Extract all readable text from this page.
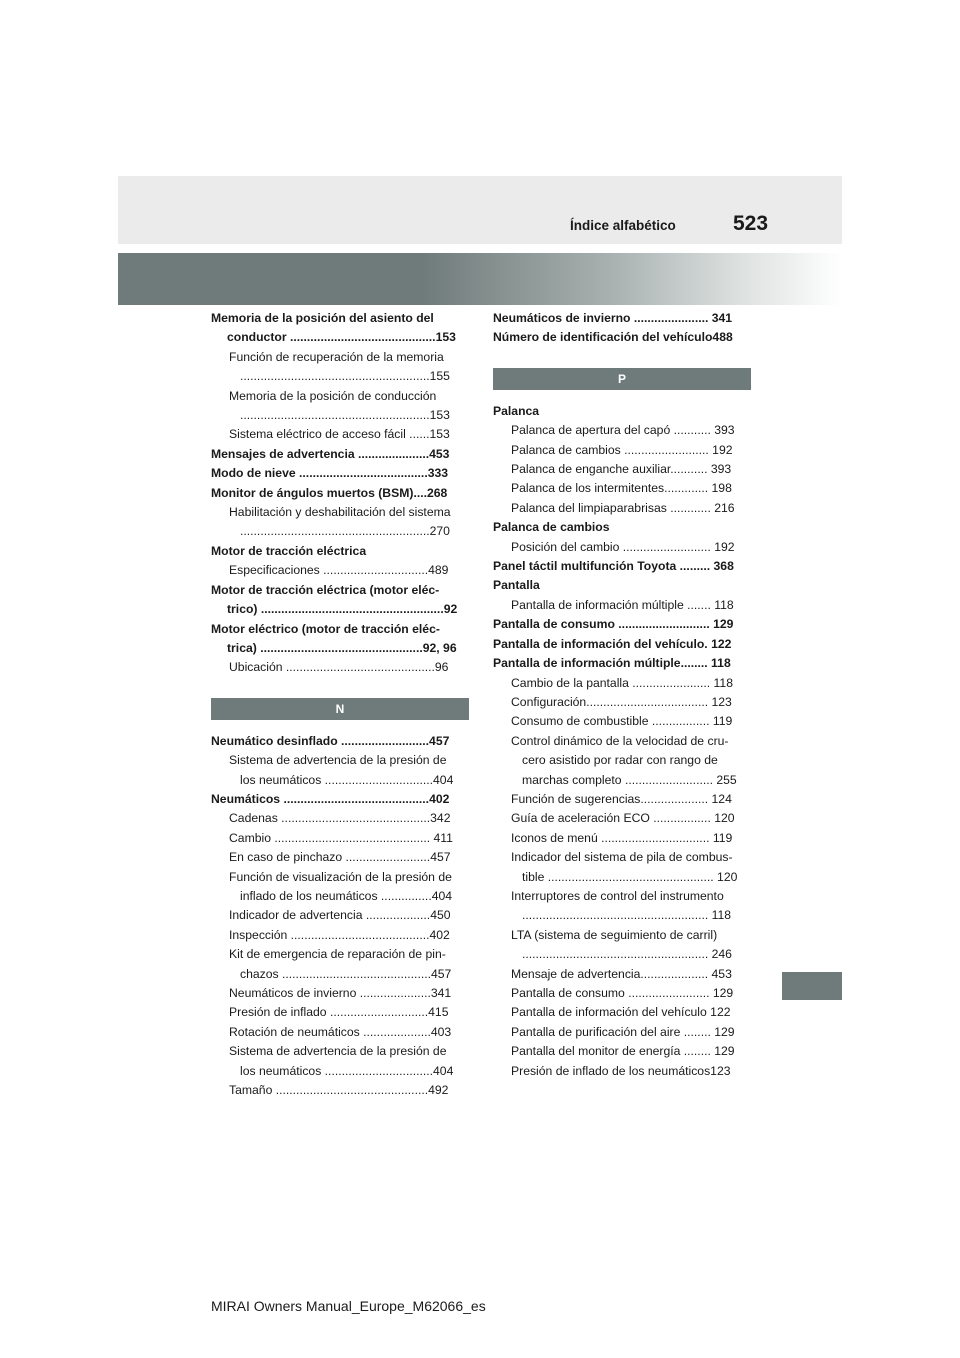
Índice alfabético	523
Memoria de la posición del asiento del
conductor ...........................................153
Función de recuperación de la memoria
........................................................155
Memoria de la posición de conducción
........................................................153
Sistema eléctrico de acceso fácil ......153
Mensajes de advertencia .....................453
Modo de nieve ......................................333
Monitor de ángulos muertos (BSM)....268
Habilitación y deshabilitación del sistema
........................................................270
Motor de tracción eléctrica
Especificaciones ...............................489
Motor de tracción eléctrica (motor eléc-
trico) ......................................................92
Motor eléctrico (motor de tracción eléc-
trica) ................................................92, 96
Ubicación ............................................96
N
Neumático desinflado ..........................457
Sistema de advertencia de la presión de
los neumáticos ................................404
Neumáticos ...........................................402
Cadenas ............................................342
Cambio .............................................. 411
En caso de pinchazo .........................457
Función de visualización de la presión de
inflado de los neumáticos ...............404
Indicador de advertencia ...................450
Inspección .........................................402
Kit de emergencia de reparación de pin-
chazos ............................................457
Neumáticos de invierno .....................341
Presión de inflado .............................415
Rotación de neumáticos ....................403
Sistema de advertencia de la presión de
los neumáticos ................................404
Tamaño .............................................492
Neumáticos de invierno ...................... 341
Número de identificación del vehículo488
P
Palanca
Palanca de apertura del capó ........... 393
Palanca de cambios ......................... 192
Palanca de enganche auxiliar........... 393
Palanca de los intermitentes............. 198
Palanca del limpiaparabrisas ............ 216
Palanca de cambios
Posición del cambio .......................... 192
Panel táctil multifunción Toyota ......... 368
Pantalla
Pantalla de información múltiple ....... 118
Pantalla de consumo ........................... 129
Pantalla de información del vehículo. 122
Pantalla de información múltiple........ 118
Cambio de la pantalla ....................... 118
Configuración.................................... 123
Consumo de combustible ................. 119
Control dinámico de la velocidad de cru-
cero asistido por radar con rango de
marchas completo .......................... 255
Función de sugerencias.................... 124
Guía de aceleración ECO ................. 120
Iconos de menú ................................ 119
Indicador del sistema de pila de combus-
tible ................................................. 120
Interruptores de control del instrumento
....................................................... 118
LTA (sistema de seguimiento de carril)
....................................................... 246
Mensaje de advertencia.................... 453
Pantalla de consumo ........................ 129
Pantalla de información del vehículo 122
Pantalla de purificación del aire ........ 129
Pantalla del monitor de energía ........ 129
Presión de inflado de los neumáticos123
MIRAI Owners Manual_Europe_M62066_es
